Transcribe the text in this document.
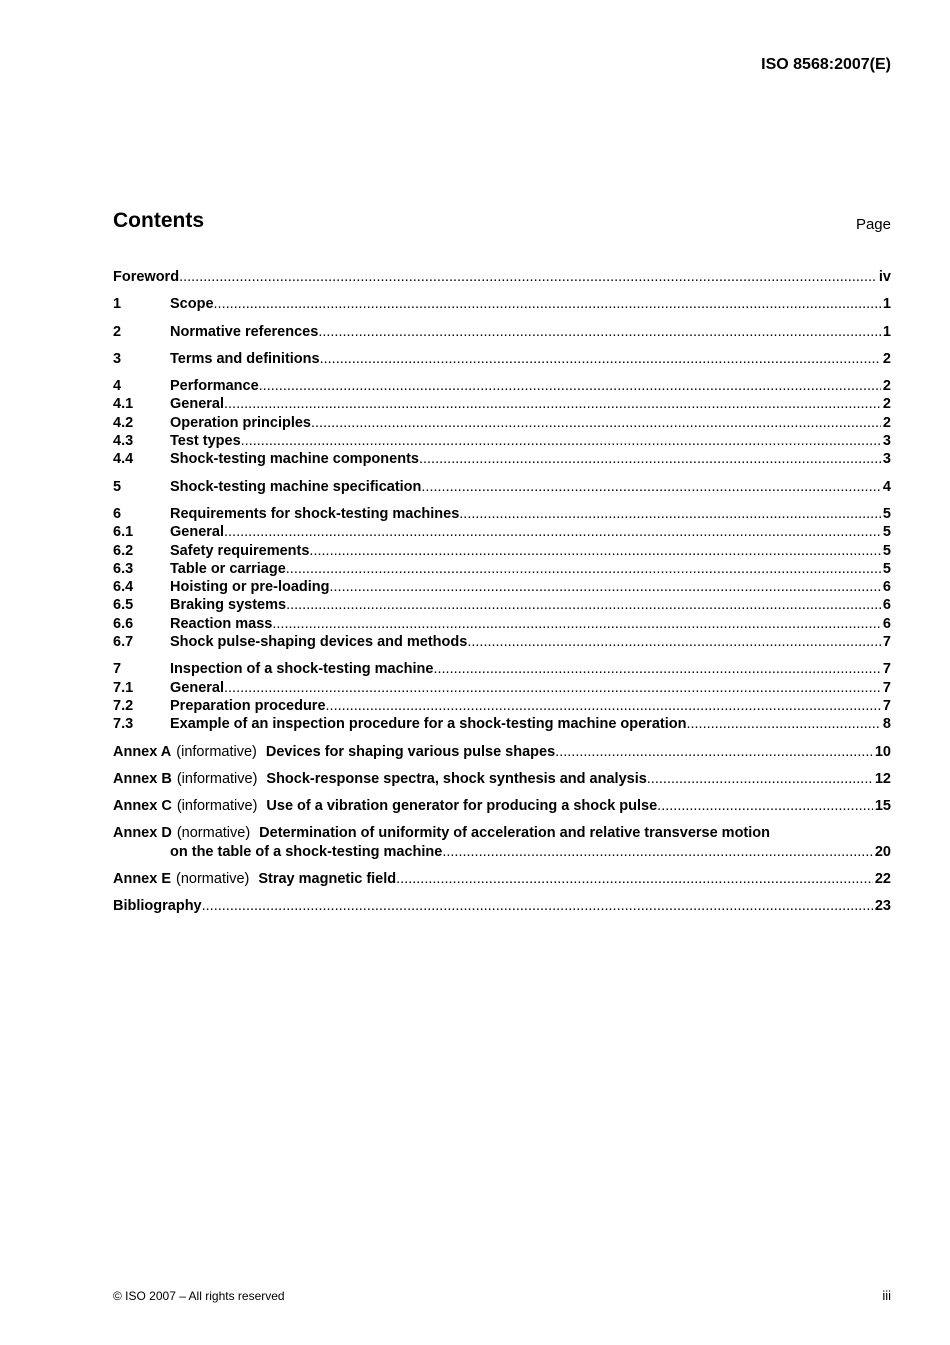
ISO 8568:2007(E)
Contents	Page
Foreword .....	iv
1	Scope .....	1
2	Normative references .....	1
3	Terms and definitions .....	2
4	Performance .....	2
4.1	General .....	2
4.2	Operation principles .....	2
4.3	Test types .....	3
4.4	Shock-testing machine components .....	3
5	Shock-testing machine specification .....	4
6	Requirements for shock-testing machines .....	5
6.1	General .....	5
6.2	Safety requirements .....	5
6.3	Table or carriage .....	5
6.4	Hoisting or pre-loading .....	6
6.5	Braking systems .....	6
6.6	Reaction mass .....	6
6.7	Shock pulse-shaping devices and methods .....	7
7	Inspection of a shock-testing machine .....	7
7.1	General .....	7
7.2	Preparation procedure .....	7
7.3	Example of an inspection procedure for a shock-testing machine operation .....	8
Annex A (informative) Devices for shaping various pulse shapes .....	10
Annex B (informative) Shock-response spectra, shock synthesis and analysis .....	12
Annex C (informative) Use of a vibration generator for producing a shock pulse .....	15
Annex D (normative) Determination of uniformity of acceleration and relative transverse motion
on the table of a shock-testing machine .....	20
Annex E (normative) Stray magnetic field .....	22
Bibliography .....	23
© ISO 2007 – All rights reserved	iii
